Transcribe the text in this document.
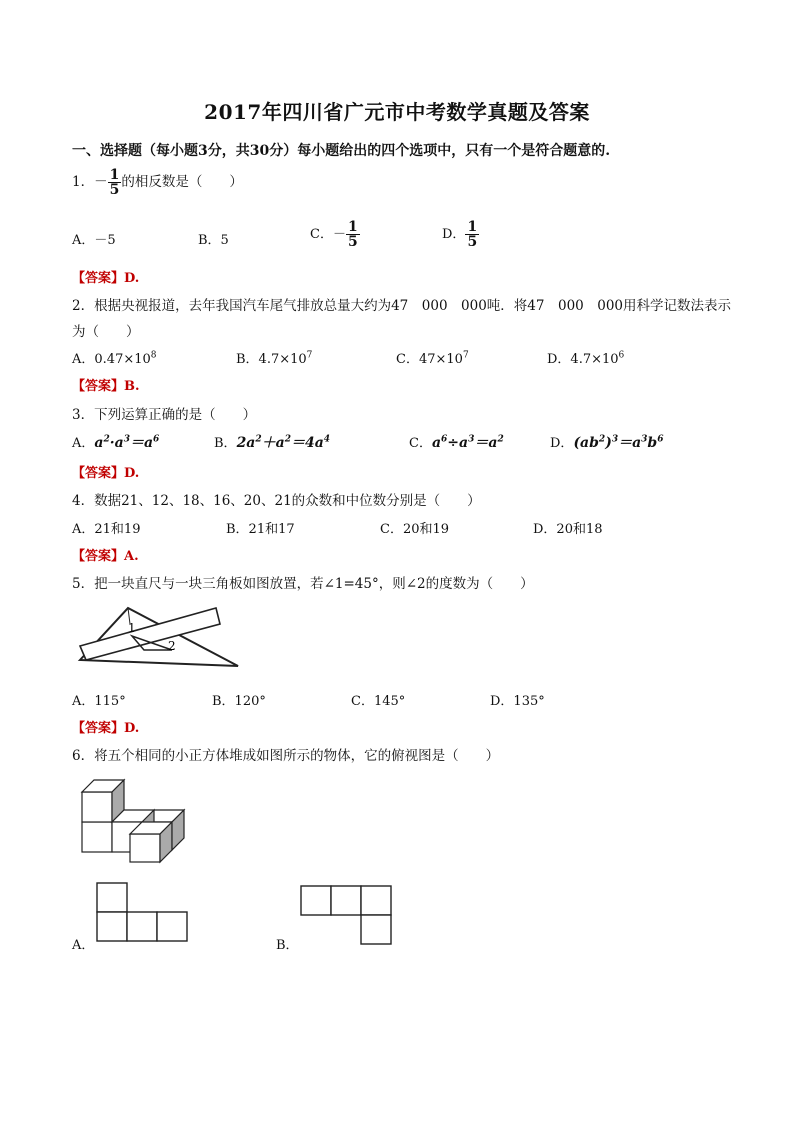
2017年四川省广元市中考数学真题及答案
一、选择题（每小题3分，共30分）每小题给出的四个选项中，只有一个是符合题意的.
1．－ $\frac{1}{5}$ 的相反数是（　　）
A．－5	B．5	C．－ $\frac{1}{5}$	D． $\frac{1}{5}$
【答案】D.
2．根据央视报道，去年我国汽车尾气排放总量大约为47　000　000吨．将47　000　000用科学记数法表示
为（　　）
A．$0.47\times 10^8$	B．$4.7\times 10^7$	C．$47\times 10^7$	D．$4.7\times 10^6$
【答案】B.
3．下列运算正确的是（　　）
A．$a^2\cdot a^3=a^6$	B．$2a^2+a^2=4a^4$	C．$a^6\div a^3=a^2$	D．$(ab^2)^3=a^3b^6$
【答案】D.
4．数据21、12、18、16、20、21的众数和中位数分别是（　　）
A．21和19	B．21和17	C．20和19	D．20和18
【答案】A.
5．把一块直尺与一块三角板如图放置，若∠1=45°，则∠2的度数为（　　）
1
2
A．115°	B．120°	C．145°	D．135°
【答案】D.
6．将五个相同的小正方体堆成如图所示的物体，它的俯视图是（　　）
A．	B．
